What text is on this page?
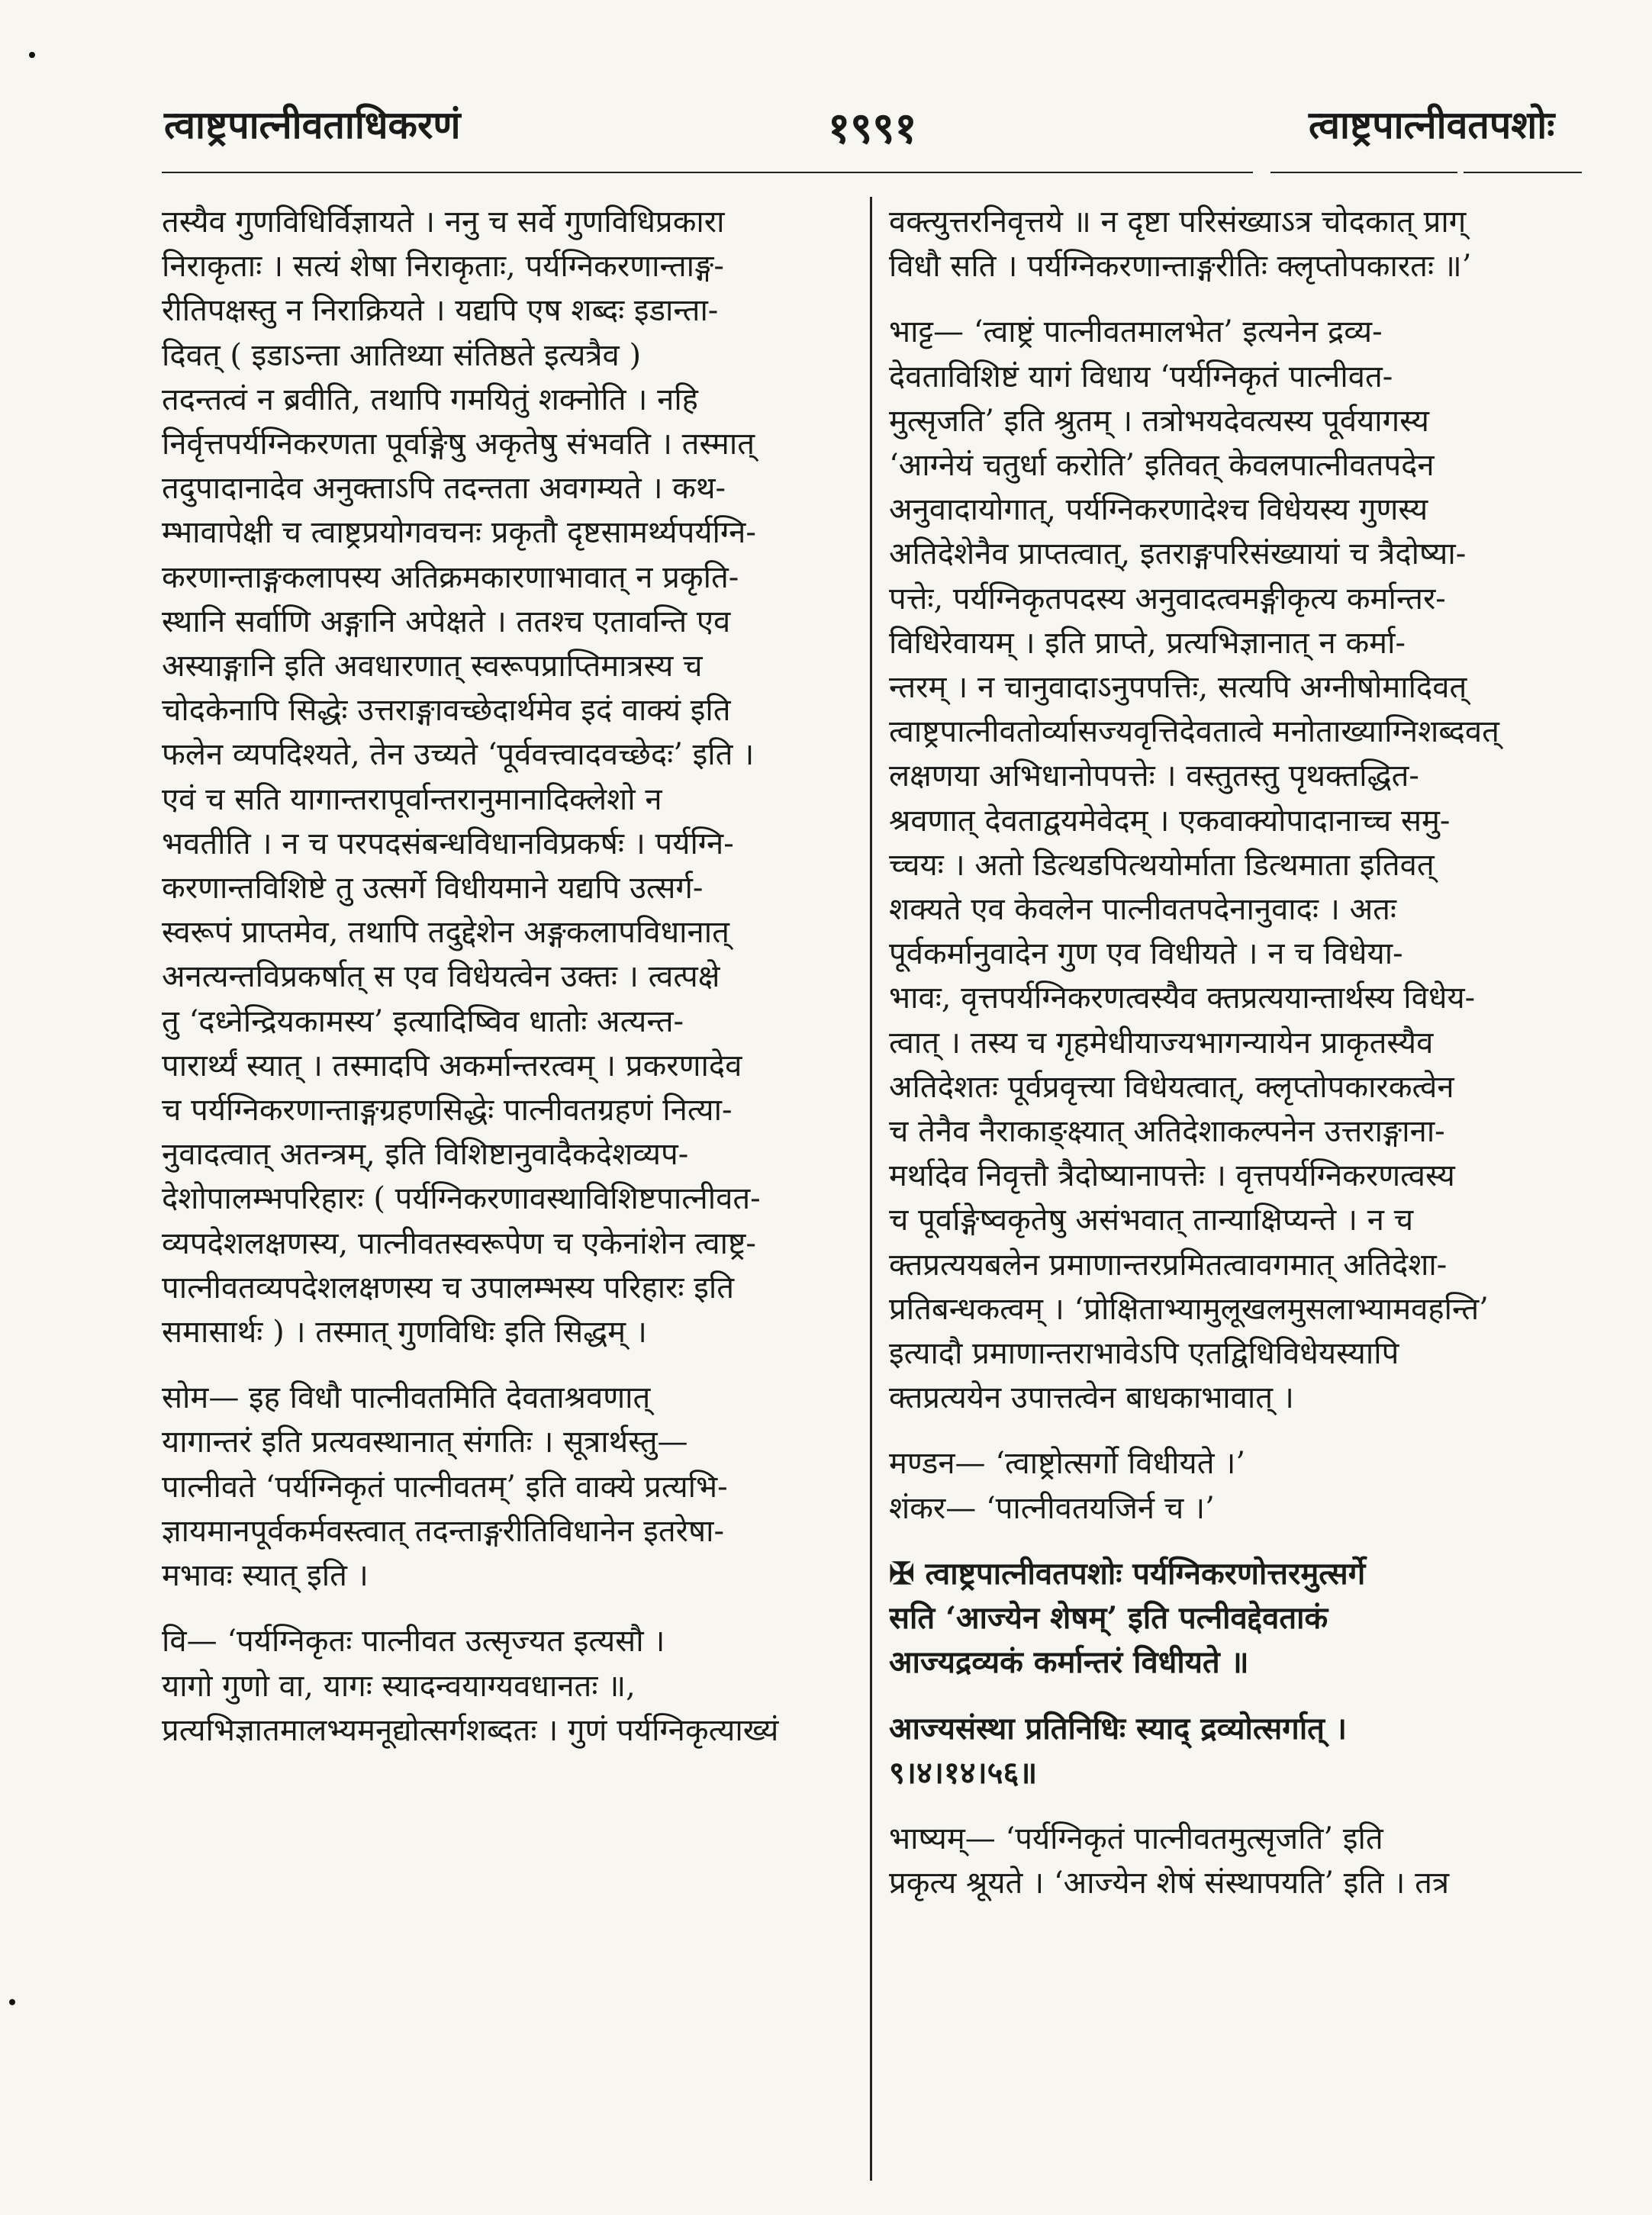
त्वाष्ट्रपात्नीवताधिकरणं	१९९१	त्वाष्ट्रपात्नीवतपशोः
तस्यैव गुणविधिर्विज्ञायते । ननु च सर्वे गुणविधिप्रकारा
निराकृताः । सत्यं शेषा निराकृताः, पर्यग्निकरणान्ताङ्ग-
रीतिपक्षस्तु न निराक्रियते । यद्यपि एष शब्दः इडान्ता-
दिवत् ( इडाऽन्ता आतिथ्या संतिष्ठते इत्यत्रैव )
तदन्तत्वं न ब्रवीति, तथापि गमयितुं शक्नोति । नहि
निर्वृत्तपर्यग्निकरणता पूर्वाङ्गेषु अकृतेषु संभवति । तस्मात्
तदुपादानादेव अनुक्ताऽपि तदन्तता अवगम्यते । कथ-
म्भावापेक्षी च त्वाष्ट्रप्रयोगवचनः प्रकृतौ दृष्टसामर्थ्यपर्यग्नि-
करणान्ताङ्गकलापस्य अतिक्रमकारणाभावात् न प्रकृति-
स्थानि सर्वाणि अङ्गानि अपेक्षते । ततश्च एतावन्ति एव
अस्याङ्गानि इति अवधारणात् स्वरूपप्राप्तिमात्रस्य च
चोदकेनापि सिद्धेः उत्तराङ्गावच्छेदार्थमेव इदं वाक्यं इति
फलेन व्यपदिश्यते, तेन उच्यते ‘पूर्ववत्त्वादवच्छेदः’ इति ।
एवं च सति यागान्तरापूर्वान्तरानुमानादिक्लेशो न
भवतीति । न च परपदसंबन्धविधानविप्रकर्षः । पर्यग्नि-
करणान्तविशिष्टे तु उत्सर्गे विधीयमाने यद्यपि उत्सर्ग-
स्वरूपं प्राप्तमेव, तथापि तदुद्देशेन अङ्गकलापविधानात्
अनत्यन्तविप्रकर्षात् स एव विधेयत्वेन उक्तः । त्वत्पक्षे
तु ‘दध्नेन्द्रियकामस्य’ इत्यादिष्विव धातोः अत्यन्त-
पारार्थ्यं स्यात् । तस्मादपि अकर्मान्तरत्वम् । प्रकरणादेव
च पर्यग्निकरणान्ताङ्गग्रहणसिद्धेः पात्नीवतग्रहणं नित्या-
नुवादत्वात् अतन्त्रम्, इति विशिष्टानुवादैकदेशव्यप-
देशोपालम्भपरिहारः ( पर्यग्निकरणावस्थाविशिष्टपात्नीवत-
व्यपदेशलक्षणस्य, पात्नीवतस्वरूपेण च एकेनांशेन त्वाष्ट्र-
पात्नीवतव्यपदेशलक्षणस्य च उपालम्भस्य परिहारः इति
समासार्थः ) । तस्मात् गुणविधिः इति सिद्धम् ।
सोम— इह विधौ पात्नीवतमिति देवताश्रवणात्
यागान्तरं इति प्रत्यवस्थानात् संगतिः । सूत्रार्थस्तु—
पात्नीवते ‘पर्यग्निकृतं पात्नीवतम्’ इति वाक्ये प्रत्यभि-
ज्ञायमानपूर्वकर्मवस्त्वात् तदन्ताङ्गरीतिविधानेन इतरेषा-
मभावः स्यात् इति ।
वि— ‘पर्यग्निकृतः पात्नीवत उत्सृज्यत इत्यसौ ।
यागो गुणो वा, यागः स्यादन्वयाग्यवधानतः ॥,
प्रत्यभिज्ञातमालभ्यमनूद्योत्सर्गशब्दतः । गुणं पर्यग्निकृत्याख्यं
वक्त्युत्तरनिवृत्तये ॥ न दृष्टा परिसंख्याऽत्र चोदकात् प्राग्
विधौ सति । पर्यग्निकरणान्ताङ्गरीतिः क्लृप्तोपकारतः ॥’
भाट्ट— ‘त्वाष्ट्रं पात्नीवतमालभेत’ इत्यनेन द्रव्य-
देवताविशिष्टं यागं विधाय ‘पर्यग्निकृतं पात्नीवत-
मुत्सृजति’ इति श्रुतम् । तत्रोभयदेवत्यस्य पूर्वयागस्य
‘आग्नेयं चतुर्धा करोति’ इतिवत् केवलपात्नीवतपदेन
अनुवादायोगात्, पर्यग्निकरणादेश्च विधेयस्य गुणस्य
अतिदेशेनैव प्राप्तत्वात्, इतराङ्गपरिसंख्यायां च त्रैदोष्या-
पत्तेः, पर्यग्निकृतपदस्य अनुवादत्वमङ्गीकृत्य कर्मान्तर-
विधिरेवायम् । इति प्राप्ते, प्रत्यभिज्ञानात् न कर्मा-
न्तरम् । न चानुवादाऽनुपपत्तिः, सत्यपि अग्नीषोमादिवत्
त्वाष्ट्रपात्नीवतोर्व्यासज्यवृत्तिदेवतात्वे मनोताख्याग्निशब्दवत्
लक्षणया अभिधानोपपत्तेः । वस्तुतस्तु पृथक्तद्धित-
श्रवणात् देवताद्वयमेवेदम् । एकवाक्योपादानाच्च समु-
च्चयः । अतो डित्थडपित्थयोर्माता डित्थमाता इतिवत्
शक्यते एव केवलेन पात्नीवतपदेनानुवादः । अतः
पूर्वकर्मानुवादेन गुण एव विधीयते । न च विधेया-
भावः, वृत्तपर्यग्निकरणत्वस्यैव क्तप्रत्ययान्तार्थस्य विधेय-
त्वात् । तस्य च गृहमेधीयाज्यभागन्यायेन प्राकृतस्यैव
अतिदेशतः पूर्वप्रवृत्त्या विधेयत्वात्, क्लृप्तोपकारकत्वेन
च तेनैव नैराकाङ्क्ष्यात् अतिदेशाकल्पनेन उत्तराङ्गाना-
मर्थादेव निवृत्तौ त्रैदोष्यानापत्तेः । वृत्तपर्यग्निकरणत्वस्य
च पूर्वाङ्गेष्वकृतेषु असंभवात् तान्याक्षिप्यन्ते । न च
क्तप्रत्ययबलेन प्रमाणान्तरप्रमितत्वावगमात् अतिदेशा-
प्रतिबन्धकत्वम् । ‘प्रोक्षिताभ्यामुलूखलमुसलाभ्यामवहन्ति’
इत्यादौ प्रमाणान्तराभावेऽपि एतद्विधिविधेयस्यापि
क्तप्रत्ययेन उपात्तत्वेन बाधकाभावात् ।
मण्डन— ‘त्वाष्ट्रोत्सर्गो विधीयते ।’
शंकर— ‘पात्नीवतयजिर्न च ।’
✠ त्वाष्ट्रपात्नीवतपशोः पर्यग्निकरणोत्तरमुत्सर्गे
सति ‘आज्येन शेषम्’ इति पत्नीवद्देवताकं
आज्यद्रव्यकं कर्मान्तरं विधीयते ॥
आज्यसंस्था प्रतिनिधिः स्याद् द्रव्योत्सर्गात् ।
९।४।१४।५६॥
भाष्यम्— ‘पर्यग्निकृतं पात्नीवतमुत्सृजति’ इति
प्रकृत्य श्रूयते । ‘आज्येन शेषं संस्थापयति’ इति । तत्र
